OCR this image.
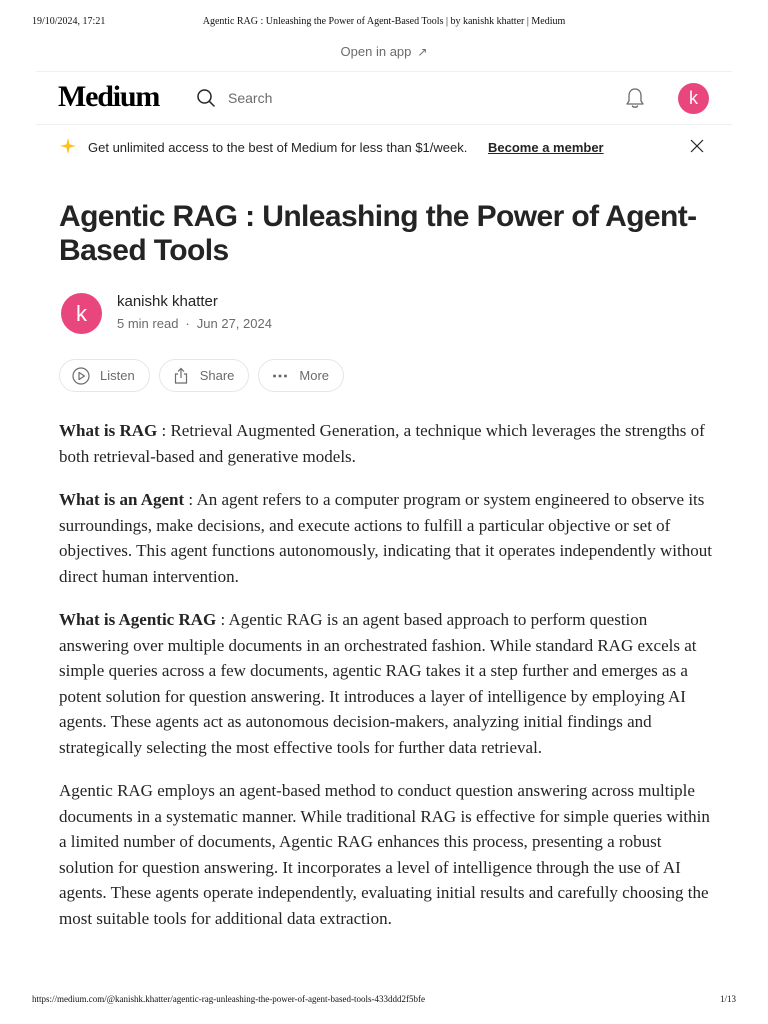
19/10/2024, 17:21	Agentic RAG : Unleashing the Power of Agent-Based Tools | by kanishk khatter | Medium
Open in app ↗
Medium	Search	k
Get unlimited access to the best of Medium for less than $1/week. Become a member
Agentic RAG : Unleashing the Power of Agent-Based Tools
k	kanishk khatter
5 min read · Jun 27, 2024
Listen	Share	More

What is RAG : Retrieval Augmented Generation, a technique which leverages the strengths of both retrieval-based and generative models.

What is an Agent : An agent refers to a computer program or system engineered to observe its surroundings, make decisions, and execute actions to fulfill a particular objective or set of objectives. This agent functions autonomously, indicating that it operates independently without direct human intervention.

What is Agentic RAG : Agentic RAG is an agent based approach to perform question answering over multiple documents in an orchestrated fashion. While standard RAG excels at simple queries across a few documents, agentic RAG takes it a step further and emerges as a potent solution for question answering. It introduces a layer of intelligence by employing AI agents. These agents act as autonomous decision-makers, analyzing initial findings and strategically selecting the most effective tools for further data retrieval.

Agentic RAG employs an agent-based method to conduct question answering across multiple documents in a systematic manner. While traditional RAG is effective for simple queries within a limited number of documents, Agentic RAG enhances this process, presenting a robust solution for question answering. It incorporates a level of intelligence through the use of AI agents. These agents operate independently, evaluating initial results and carefully choosing the most suitable tools for additional data extraction.

https://medium.com/@kanishk.khatter/agentic-rag-unleashing-the-power-of-agent-based-tools-433ddd2f5bfe	1/13
